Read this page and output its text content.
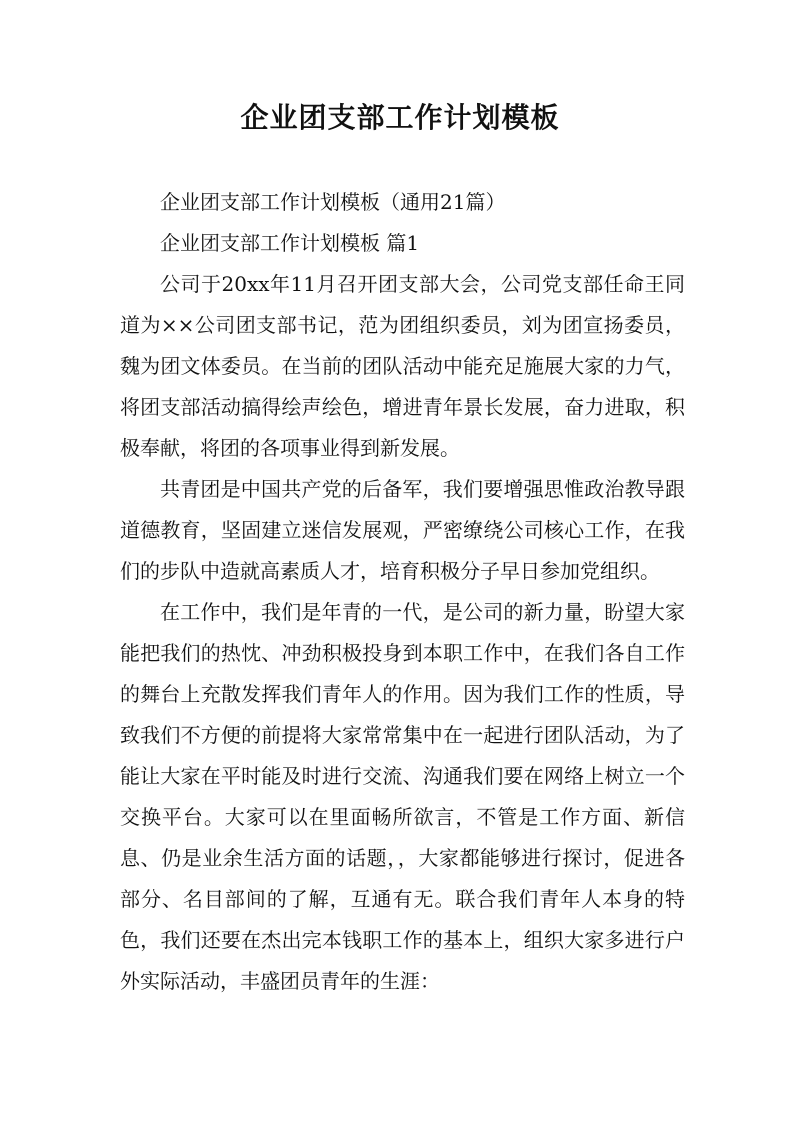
企业团支部工作计划模板

企业团支部工作计划模板（通用21篇）

企业团支部工作计划模板 篇1

公司于20xx年11月召开团支部大会，公司党支部任命王同道为××公司团支部书记，范为团组织委员，刘为团宣扬委员，魏为团文体委员。在当前的团队活动中能充足施展大家的力气，将团支部活动搞得绘声绘色，增进青年景长发展，奋力进取，积极奉献，将团的各项事业得到新发展。

共青团是中国共产党的后备军，我们要增强思惟政治教导跟道德教育，坚固建立迷信发展观，严密缭绕公司核心工作，在我们的步队中造就高素质人才，培育积极分子早日参加党组织。

在工作中，我们是年青的一代，是公司的新力量，盼望大家能把我们的热忱、冲劲积极投身到本职工作中，在我们各自工作的舞台上充散发挥我们青年人的作用。因为我们工作的性质，导致我们不方便的前提将大家常常集中在一起进行团队活动，为了能让大家在平时能及时进行交流、沟通我们要在网络上树立一个交换平台。大家可以在里面畅所欲言，不管是工作方面、新信息、仍是业余生活方面的话题，，大家都能够进行探讨，促进各部分、名目部间的了解，互通有无。联合我们青年人本身的特色，我们还要在杰出完本钱职工作的基本上，组织大家多进行户外实际活动，丰盛团员青年的生涯：
